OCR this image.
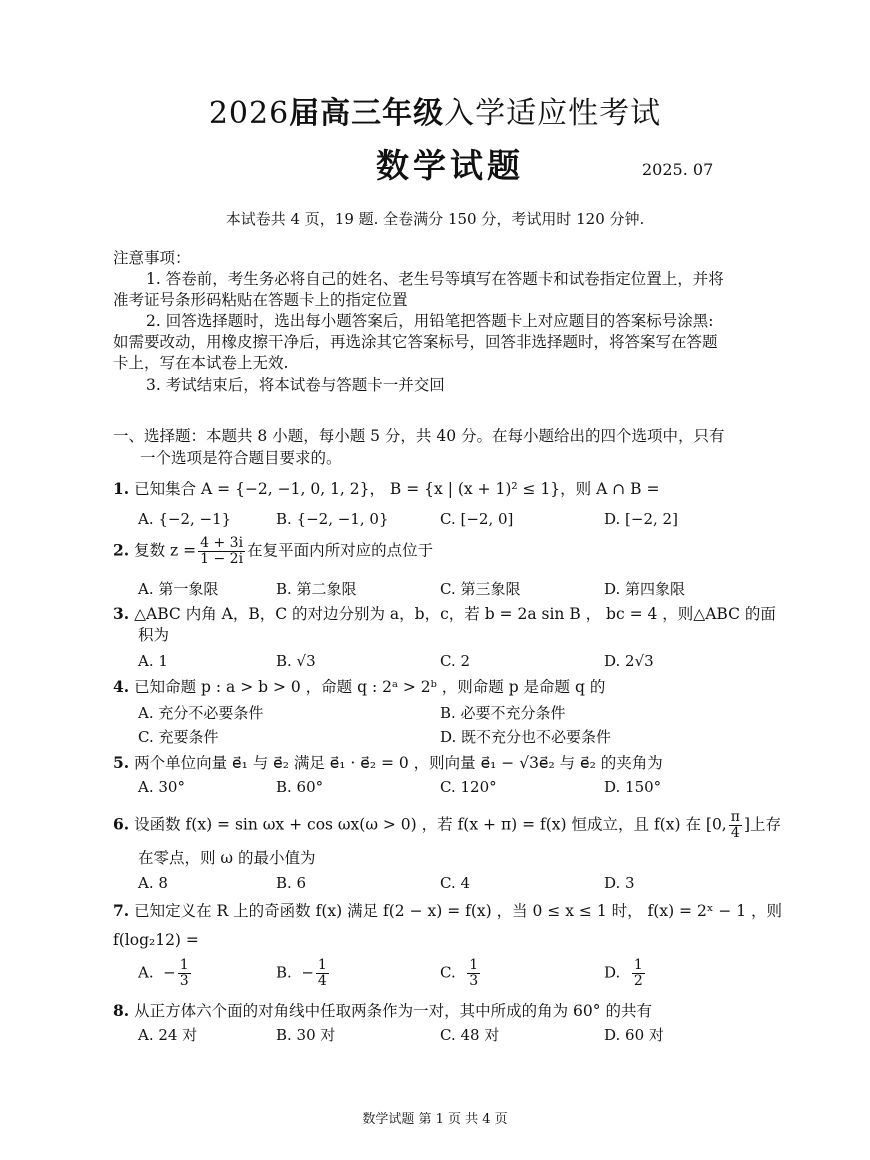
2026届高三年级入学适应性考试
数学试题	2025. 07
本试卷共 4 页，19 题. 全卷满分 150 分，考试用时 120 分钟.
注意事项：
1. 答卷前，考生务必将自己的姓名、老生号等填写在答题卡和试卷指定位置上，并将
准考证号条形码粘贴在答题卡上的指定位置
2. 回答选择题时，选出每小题答案后，用铅笔把答题卡上对应题目的答案标号涂黑:
如需要改动，用橡皮擦干净后，再选涂其它答案标号，回答非选择题时，将答案写在答题
卡上，写在本试卷上无效.
3. 考试结束后，将本试卷与答题卡一并交回
一、选择题：本题共 8 小题，每小题 5 分，共 40 分。在每小题给出的四个选项中，只有
一个选项是符合题目要求的。
1. 已知集合 A = {−2, −1, 0, 1, 2}， B = {x | (x + 1)² ≤ 1}，则 A ∩ B =
A. {−2, −1}	B. {−2, −1, 0}	C. [−2, 0]	D. [−2, 2]
2. 复数 $z = \frac{4 + 3i}{1 - 2i}$ 在复平面内所对应的点位于
A. 第一象限	B. 第二象限	C. 第三象限	D. 第四象限
3. △ABC 内角 A，B，C 的对边分别为 a，b，c，若 b = 2a sin B ， bc = 4 ，则△ABC 的面
积为
A. 1	B. √3	C. 2	D. 2√3
4. 已知命题 p : a > b > 0 ，命题 q : 2ᵃ > 2ᵇ ，则命题 p 是命题 q 的
A. 充分不必要条件	B. 必要不充分条件
C. 充要条件	D. 既不充分也不必要条件
5. 两个单位向量 e⃗₁ 与 e⃗₂ 满足 e⃗₁ · e⃗₂ = 0 ，则向量 e⃗₁ − √3e⃗₂ 与 e⃗₂ 的夹角为
A. 30°	B. 60°	C. 120°	D. 150°
6. 设函数 f(x) = sin ωx + cos ωx(ω > 0) ，若 f(x + π) = f(x) 恒成立，且 f(x) 在 [0, $\frac{\pi}{4}$ ]上存
在零点，则 ω 的最小值为
A. 8	B. 6	C. 4	D. 3
7. 已知定义在 R 上的奇函数 f(x) 满足 f(2 − x) = f(x) ，当 0 ≤ x ≤ 1 时， f(x) = 2ˣ − 1 ，则
f(log₂12) =
A. − $\frac{1}{3}$	B. − $\frac{1}{4}$	C. $\frac{1}{3}$	D. $\frac{1}{2}$
8. 从正方体六个面的对角线中任取两条作为一对，其中所成的角为 60° 的共有
A. 24 对	B. 30 对	C. 48 对	D. 60 对
数学试题 第 1 页 共 4 页
